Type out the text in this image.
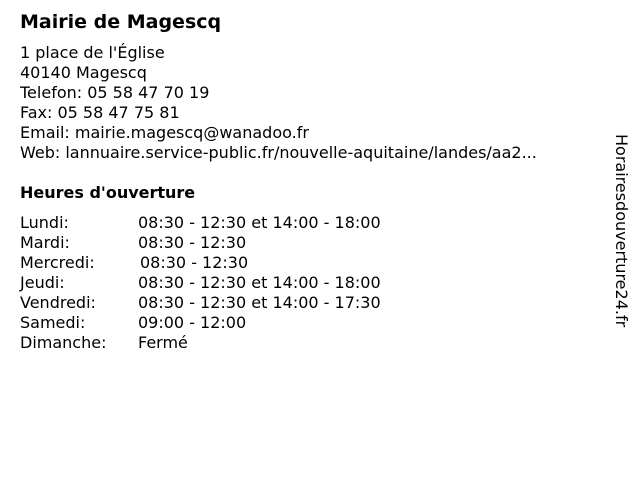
Mairie de Magescq
1 place de l'Église
40140 Magescq
Telefon: 05 58 47 70 19
Fax: 05 58 47 75 81
Email: mairie.magescq@wanadoo.fr
Web: lannuaire.service-public.fr/nouvelle-aquitaine/landes/aa2...
Heures d'ouverture
Lundi:	08:30 - 12:30 et 14:00 - 18:00
Mardi:	08:30 - 12:30
Mercredi:	08:30 - 12:30
Jeudi:	08:30 - 12:30 et 14:00 - 18:00
Vendredi:	08:30 - 12:30 et 14:00 - 17:30
Samedi:	09:00 - 12:00
Dimanche: Fermé
Horairesdouverture24.fr
